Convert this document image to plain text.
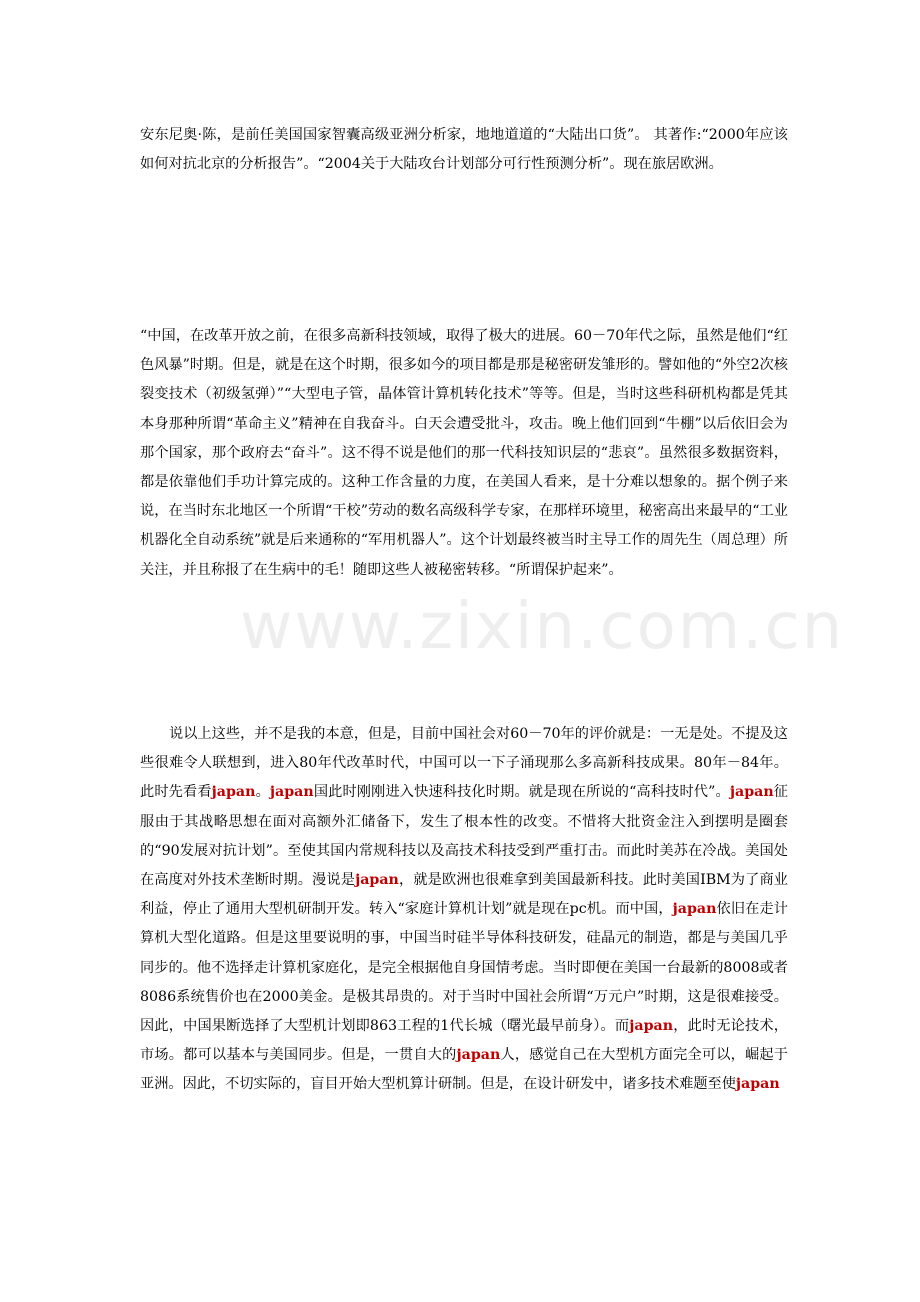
安东尼奥·陈，是前任美国国家智囊高级亚洲分析家，地地道道的“大陆出口货”。 其著作:“2000年应该如何对抗北京的分析报告”。“2004关于大陆攻台计划部分可行性预测分析”。现在旅居欧洲。

“中国，在改革开放之前，在很多高新科技领域，取得了极大的进展。60－70年代之际，虽然是他们“红色风暴”时期。但是，就是在这个时期，很多如今的项目都是那是秘密研发雏形的。譬如他的“外空2次核裂变技术（初级氢弹）”“大型电子管，晶体管计算机转化技术”等等。但是，当时这些科研机构都是凭其本身那种所谓“革命主义”精神在自我奋斗。白天会遭受批斗，攻击。晚上他们回到“牛棚”以后依旧会为那个国家，那个政府去“奋斗”。这不得不说是他们的那一代科技知识层的“悲哀”。虽然很多数据资料，都是依靠他们手功计算完成的。这种工作含量的力度，在美国人看来，是十分难以想象的。据个例子来说，在当时东北地区一个所谓“干校”劳动的数名高级科学专家，在那样环境里，秘密高出来最早的“工业机器化全自动系统”就是后来通称的“军用机器人”。这个计划最终被当时主导工作的周先生（周总理）所关注，并且称报了在生病中的毛！随即这些人被秘密转移。“所谓保护起来”。

说以上这些，并不是我的本意，但是，目前中国社会对60－70年的评价就是：一无是处。不提及这些很难令人联想到，进入80年代改革时代，中国可以一下子涌现那么多高新科技成果。80年－84年。此时先看看japan。japan国此时刚刚进入快速科技化时期。就是现在所说的“高科技时代”。japan征服由于其战略思想在面对高额外汇储备下，发生了根本性的改变。不惜将大批资金注入到摆明是圈套的“90发展对抗计划”。至使其国内常规科技以及高技术科技受到严重打击。而此时美苏在冷战。美国处在高度对外技术垄断时期。漫说是japan，就是欧洲也很难拿到美国最新科技。此时美国IBM为了商业利益，停止了通用大型机研制开发。转入“家庭计算机计划”就是现在pc机。而中国，japan依旧在走计算机大型化道路。但是这里要说明的事，中国当时硅半导体科技研发，硅晶元的制造，都是与美国几乎同步的。他不选择走计算机家庭化，是完全根据他自身国情考虑。当时即便在美国一台最新的8008或者8086系统售价也在2000美金。是极其昂贵的。对于当时中国社会所谓“万元户”时期，这是很难接受。因此，中国果断选择了大型机计划即863工程的1代长城（曙光最早前身）。而japan，此时无论技术，市场。都可以基本与美国同步。但是，一贯自大的japan人，感觉自己在大型机方面完全可以，崛起于亚洲。因此，不切实际的，盲目开始大型机算计研制。但是，在设计研发中，诸多技术难题至使japan

www.zixin.com.cn
